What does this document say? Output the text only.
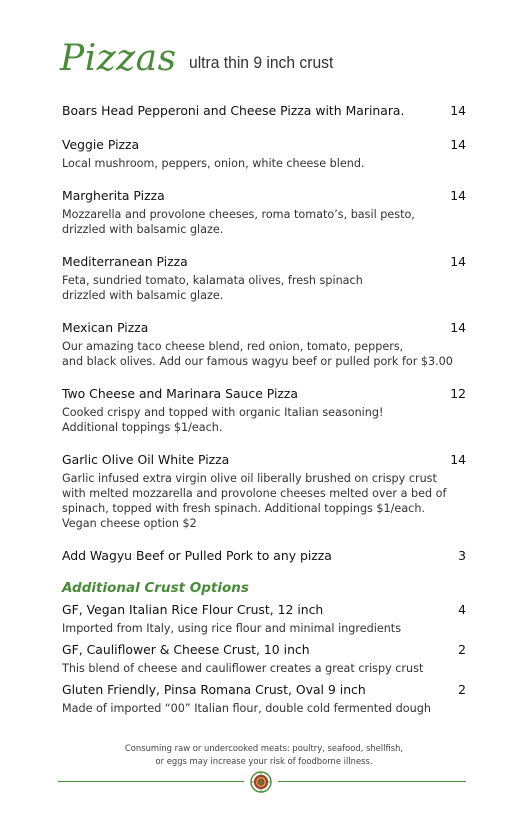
Pizzas ultra thin 9 inch crust
Boars Head Pepperoni and Cheese Pizza with Marinara.	14
Veggie Pizza	14
Local mushroom, peppers, onion, white cheese blend.
Margherita Pizza	14
Mozzarella and provolone cheeses, roma tomato’s, basil pesto,
drizzled with balsamic glaze.
Mediterranean Pizza	14
Feta, sundried tomato, kalamata olives, fresh spinach
drizzled with balsamic glaze.
Mexican Pizza	14
Our amazing taco cheese blend, red onion, tomato, peppers,
and black olives. Add our famous wagyu beef or pulled pork for $3.00
Two Cheese and Marinara Sauce Pizza	12
Cooked crispy and topped with organic Italian seasoning!
Additional toppings $1/each.
Garlic Olive Oil White Pizza	14
Garlic infused extra virgin olive oil liberally brushed on crispy crust
with melted mozzarella and provolone cheeses melted over a bed of
spinach, topped with fresh spinach. Additional toppings $1/each.
Vegan cheese option $2
Add Wagyu Beef or Pulled Pork to any pizza	3
Additional Crust Options
GF, Vegan Italian Rice Flour Crust, 12 inch	4
Imported from Italy, using rice flour and minimal ingredients
GF, Cauliflower & Cheese Crust, 10 inch	2
This blend of cheese and cauliflower creates a great crispy crust
Gluten Friendly, Pinsa Romana Crust, Oval 9 inch	2
Made of imported “00” Italian flour, double cold fermented dough
Consuming raw or undercooked meats: poultry, seafood, shellfish,
or eggs may increase your risk of foodborne illness.
